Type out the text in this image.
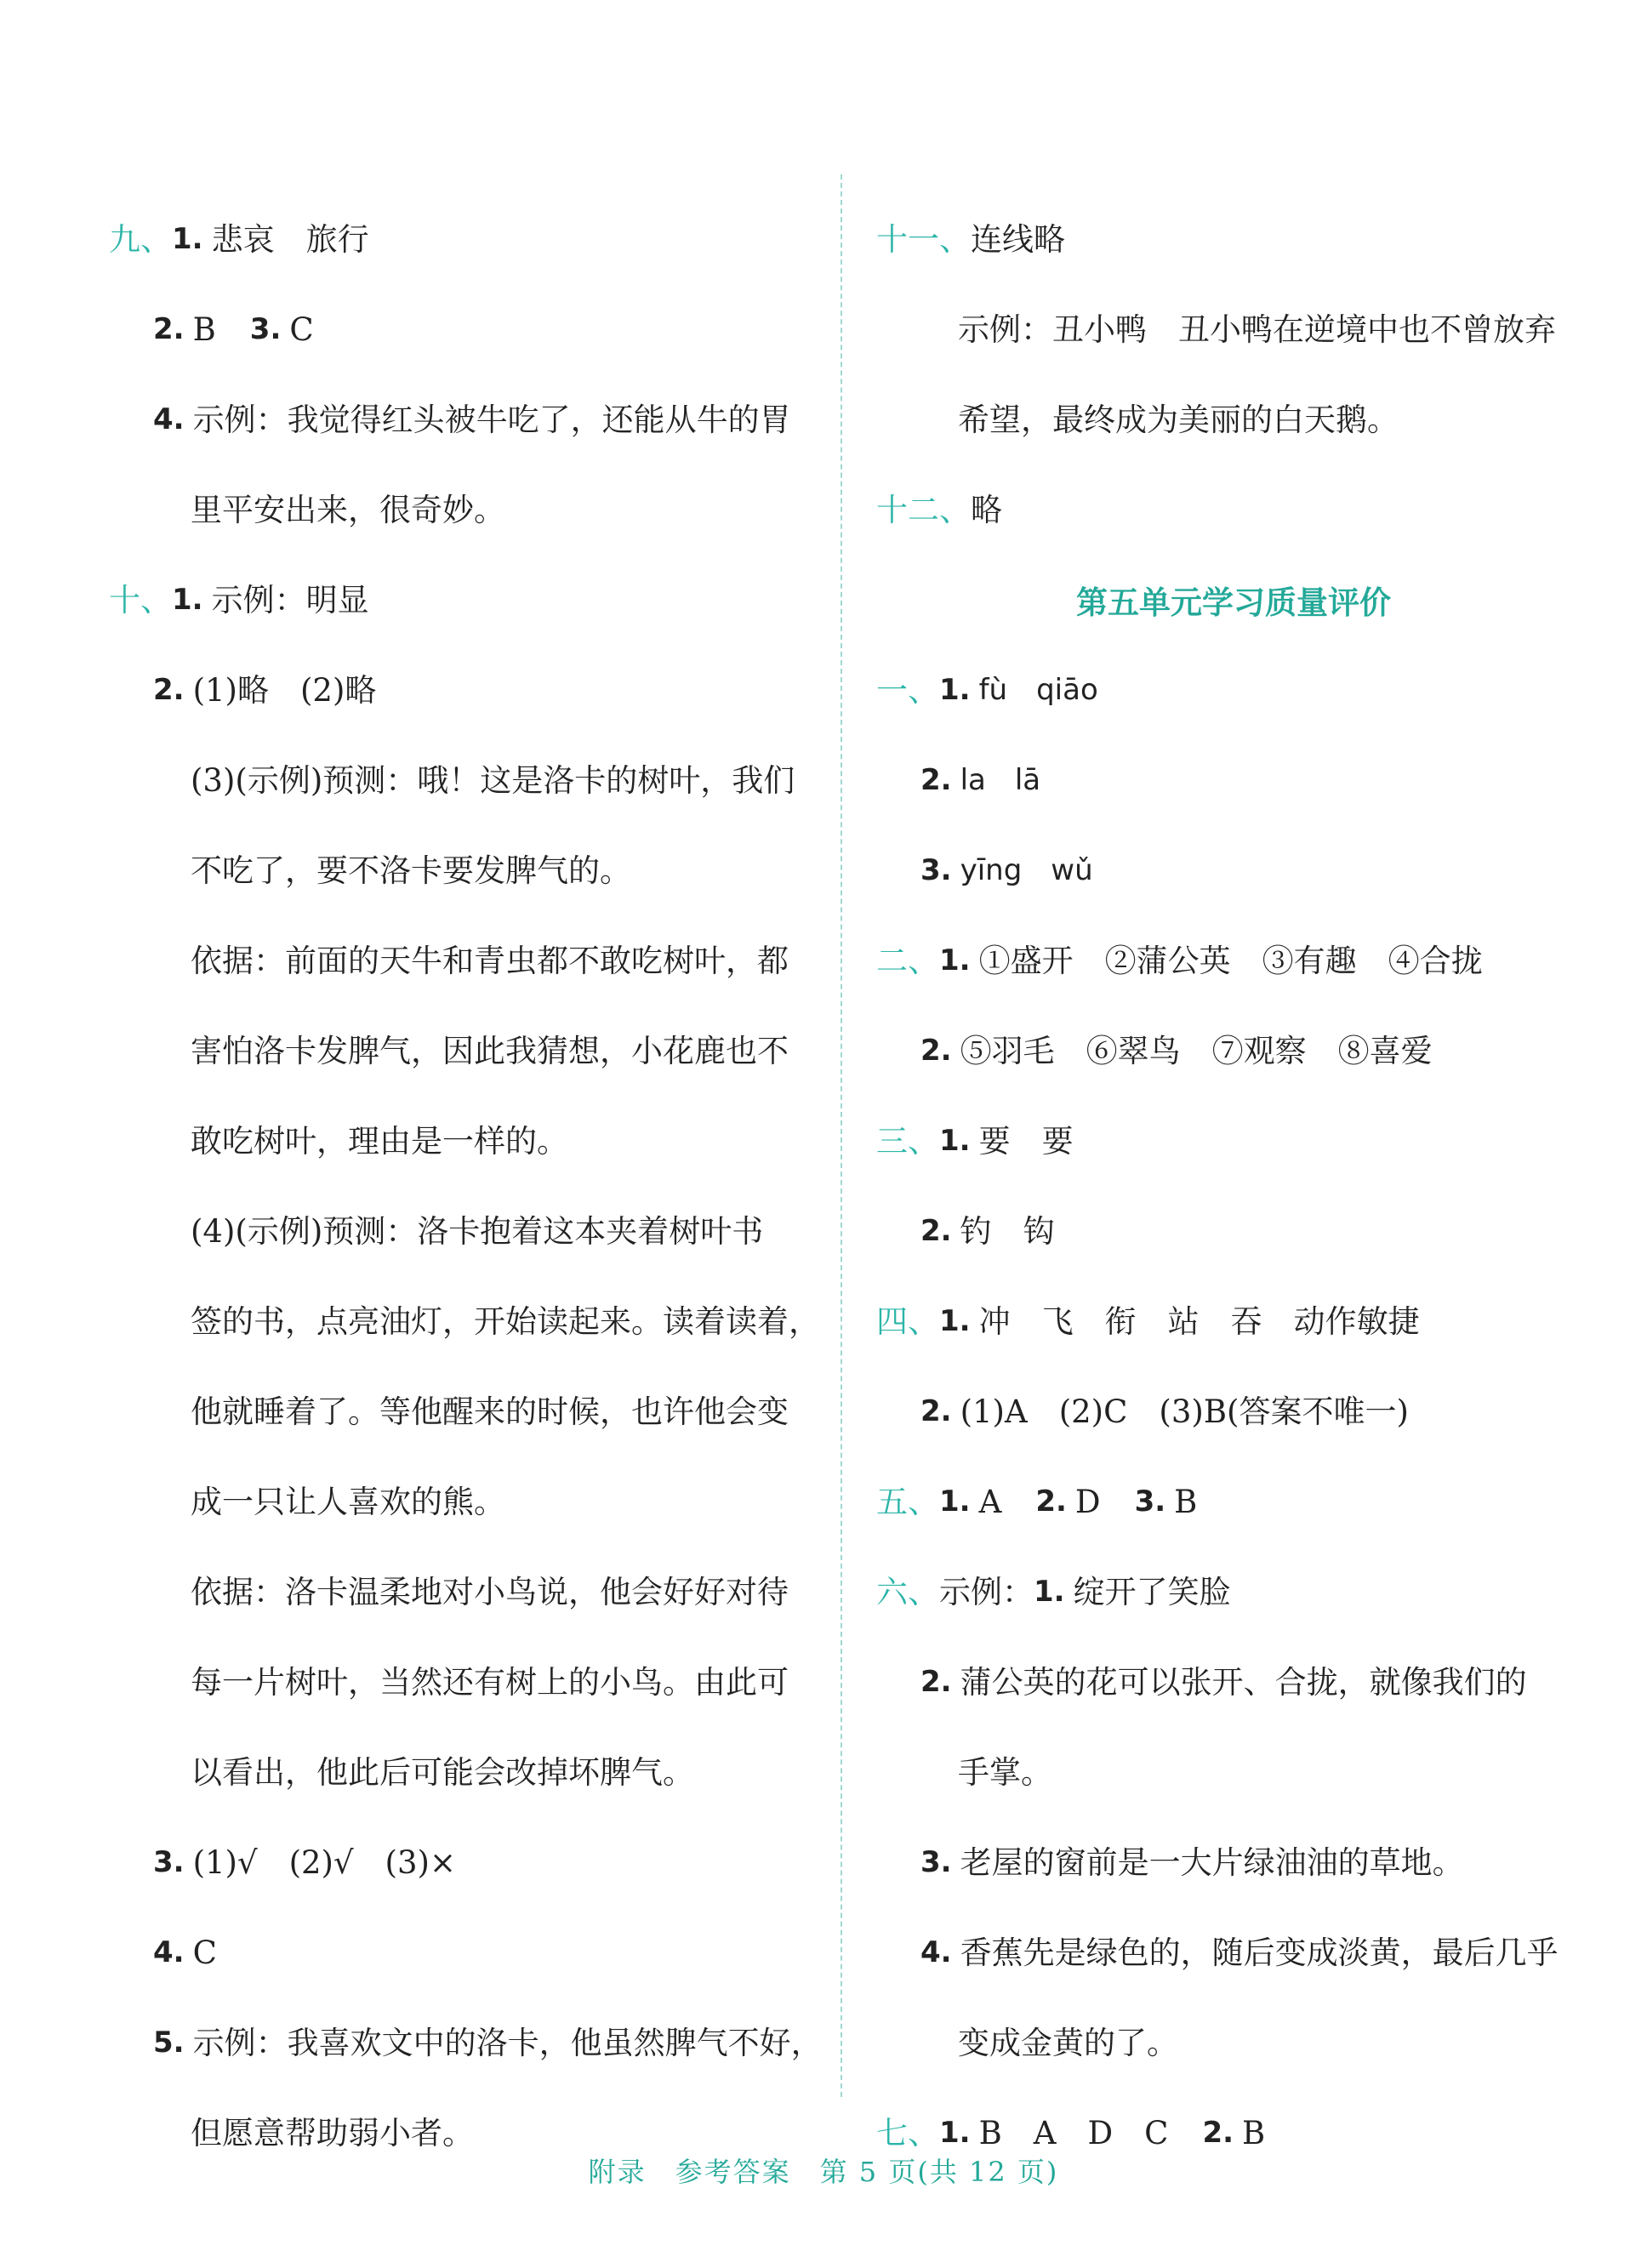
九、 1. 悲哀　旅行
2. B 3. C
4. 示例：我觉得红头被牛吃了，还能从牛的胃
里平安出来，很奇妙。
十、 1. 示例：明显
2. (1)略　(2)略
(3)(示例)预测：哦！这是洛卡的树叶，我们
不吃了，要不洛卡要发脾气的。
依据：前面的天牛和青虫都不敢吃树叶，都
害怕洛卡发脾气，因此我猜想，小花鹿也不
敢吃树叶，理由是一样的。
(4)(示例)预测：洛卡抱着这本夹着树叶书
签的书，点亮油灯，开始读起来。读着读着，
他就睡着了。等他醒来的时候，也许他会变
成一只让人喜欢的熊。
依据：洛卡温柔地对小鸟说，他会好好对待
每一片树叶，当然还有树上的小鸟。由此可
以看出，他此后可能会改掉坏脾气。
3. (1)√　(2)√　(3)×
4. C
5. 示例：我喜欢文中的洛卡，他虽然脾气不好，
但愿意帮助弱小者。
十一、 连线略
示例：丑小鸭　丑小鸭在逆境中也不曾放弃
希望，最终成为美丽的白天鹅。
十二、 略
第五单元学习质量评价
一、 1. fù　qiāo
2. la　lā
3. yīng　wǔ
二、 1. ①盛开　②蒲公英　③有趣　④合拢
2. ⑤羽毛　⑥翠鸟　⑦观察　⑧喜爱
三、 1. 要　要
2. 钓　钩
四、 1. 冲　飞　衔　站　吞　动作敏捷
2. (1)A　(2)C　(3)B(答案不唯一)
五、 1. A 2. D 3. B
六、 示例： 1. 绽开了笑脸
2. 蒲公英的花可以张开、合拢，就像我们的
手掌。
3. 老屋的窗前是一大片绿油油的草地。
4. 香蕉先是绿色的，随后变成淡黄，最后几乎
变成金黄的了。
七、 1. B　A　D　C 2. B
附录　参考答案　第 5 页(共 12 页)
